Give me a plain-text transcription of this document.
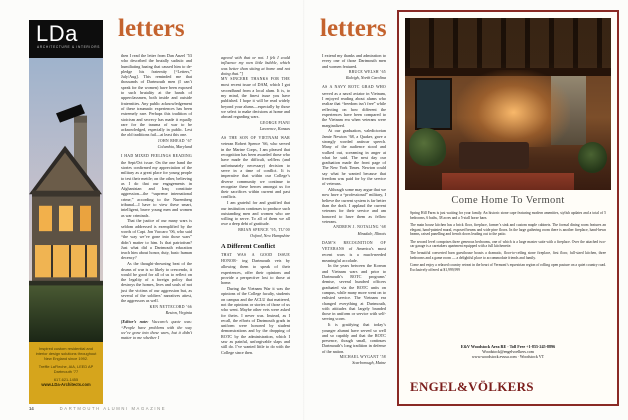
LDa
ARCHITECTURE & INTERIORS
Inspired custom residential and interior design solutions throughout New England since 1992.
Treffle LaFleche, AIA, LEED AP
Dartmouth ’77
617-621-1455
www.LDa-Architects.com
letters
then I read the letter from Dan Anzel ’53 who described the brutally sadistic and humiliating hazing that caused him to de-pledge his fraternity [“Letters,” July/Aug]. This reminded me that thousands of Dartmouth men (I can’t speak for the women) have been exposed to such brutality at the hands of upperclassmen, both inside and outside fraternities. Any public acknowledgement of these traumatic experiences has been extremely rare. Perhaps this tradition of stoicism and secrecy has made it equally rare for the trauma of war to be acknowledged, especially in public. Lest the old traditions fail—at least this one.
JOHN RHEAD ’67
Columbia, Maryland
I HAD MIXED FEELINGS READING the Sept/Oct issue. On the one hand the stories confirmed my appreciation of the military as a great place for young people to test their mettle; on the other, believing as I do that our engagements in Afghanistan and Iraq constitute aggression—the “supreme international crime,” according to the Nuremberg tribunal—I have to view these smart, intelligent, brave young men and women as war criminals.
That the justice of our many wars is seldom addressed is exemplified by the words of Capt. Jon Vaccaro ’06, who said “the way we’ve gone into those wars” didn’t matter to him. Is that patriotism? Just what did a Dartmouth education teach him about honor, duty, basic human decency?
As the thought-drowning beat of the drums of war is so likely to crescendo, it would be good for all of us to reflect on the legality of a foreign policy that destroys the homes, lives and souls of not just the victims of our aggression but, as several of the soldiers’ narratives attest, the aggressors as well.
KEN NETTECORD ’66
Reston, Virginia
[Editor’s note: Vaccaro’s quote was: “People have problems with the way we’ve gone into these wars, but it didn’t matter to me whether I
agreed with that or not. I felt I could influence my own little bubble, which was better than sitting at home and not doing that.”]
MY SINCERE THANKS FOR THE most recent issue of DAM, which I got secondhand from a local alum. It is, to my mind, the finest issue you have published. I hope it will be read widely beyond your alums—especially by those we select to make decisions at home and abroad regarding wars.
GEORGE PIANI
Lawrence, Kansas
AS THE SON OF VIETNAM WAR veteran Robert Spence ’66, who served in the Marine Corps, I am pleased that recognition has been awarded those who have made the difficult, selfless (and unfortunately necessary) decision to serve in a time of conflict. It is imperative that within our College’s diverse community we continue to recognize these heroes amongst us for their sacrifices within current and past conflicts.
I am grateful for and gratified that our institution continues to produce such outstanding men and women who are willing to serve. To all of them we all owe a deep debt of gratitude.
BRIAN SPENCE ’95, TU’00
Oxford, New Hampshire
A Different Conflict
THAT WAS A GOOD ISSUE HONOR- ing Dartmouth vets by allowing them to speak of their experiences, offer their opinions and provide a perspective lost to those at home.
During the Vietnam War it was the opinions of the College faculty, students on campus and the ACLU that mattered, not the opinions or stories of those of us who went. Maybe other vets were asked for theirs. I never was. Instead, as I recall, the efforts of Dartmouth grads in uniform were honored by student demonstrations and by the dropping of ROTC by the administration, which I saw as painful, unforgivable slaps and still do. I’ve wanted little to do with the College since then.
letters
I extend my thanks and admiration to every one of those Dartmouth men and women featured.
BRUCE WELSH ’65
Raleigh, North Carolina
AS A NAVY ROTC GRAD WHO served as a naval aviator in Vietnam, I enjoyed reading about alums who realize that “freedom isn’t free” while reflecting on how different the experiences have been compared to the Vietnam era when veterans were marginalized.
At our graduation, valedictorian Jamie Newton ’68, a Quaker, gave a strongly worded antiwar speech. Many of the audience stood and walked out, screaming in anger at what he said. The next day our graduation made the front page of The New York Times. Newton could say what he wanted because that freedom was paid for by the service of veterans.
Although some may argue that we now have a “professional” military, I believe the current system is far better than the draft. I applaud the current veterans for their service and am honored to have them as fellow veterans.
ANDREW J. NOTALING ’68
Hinsdale, Illinois
DAM’S RECOGNITION OF VETERANS of America’s most recent wars is a much-needed meaningful accolade.
In the years between the Korean and Vietnam wars and prior to Dartmouth’s ROTC programs’ demise, several hundred officers graduated via the ROTC units on campus, while many more went on to enlisted service. The Vietnam era changed everything at Dartmouth, with attitudes that largely branded those in uniform or service with self-serving scorn.
It is gratifying that today’s younger alumni have served so well and so capably and that the ROTC presence, though small, continues Dartmouth’s long tradition in defense of the nation.
MICHAEL WYGANT ’58
Scarborough, Maine
Come Home To Vermont

Spring Hill Farm is just waiting for your family. An historic stone cape featuring modern amenities, stylish updates and a total of 5 bedrooms, 6 baths, 38 acres and a 5-stall horse barn.

The main house kitchen has a brick floor, fireplace, farmer’s sink and custom maple cabinets. The formal dining room features an elegant, hand-painted mural, exposed beams and wide pine floors. In the large gathering room there is another fireplace, hand-hewn beams, raised panelling and french doors leading out to the patio.

The second level comprises three generous bedrooms, one of which is a large master suite with a fireplace. Over the attached two-car garage is a caretakers apartment equipped with a full kitchenette.

The beautiful converted barn guesthouse boasts a dramatic, floor-to-ceiling stone fireplace, first floor, full-sized kitchen, three bedrooms and a game room — a delightful place to accommodate friends and family.

Come and enjoy a relaxed country retreat in the heart of Vermont’s equestrian region of rolling open pasture on a quiet country road. Exclusively offered at $1,999,999

E&V Woodstock Area RE · Toll Free +1-855-245-8896
Woodstock@engelvoelkers.com
www.woodstock.evusa.com · Woodstock VT
ENGEL&VÖLKERS
14	DARTMOUTH ALUMNI MAGAZINE
